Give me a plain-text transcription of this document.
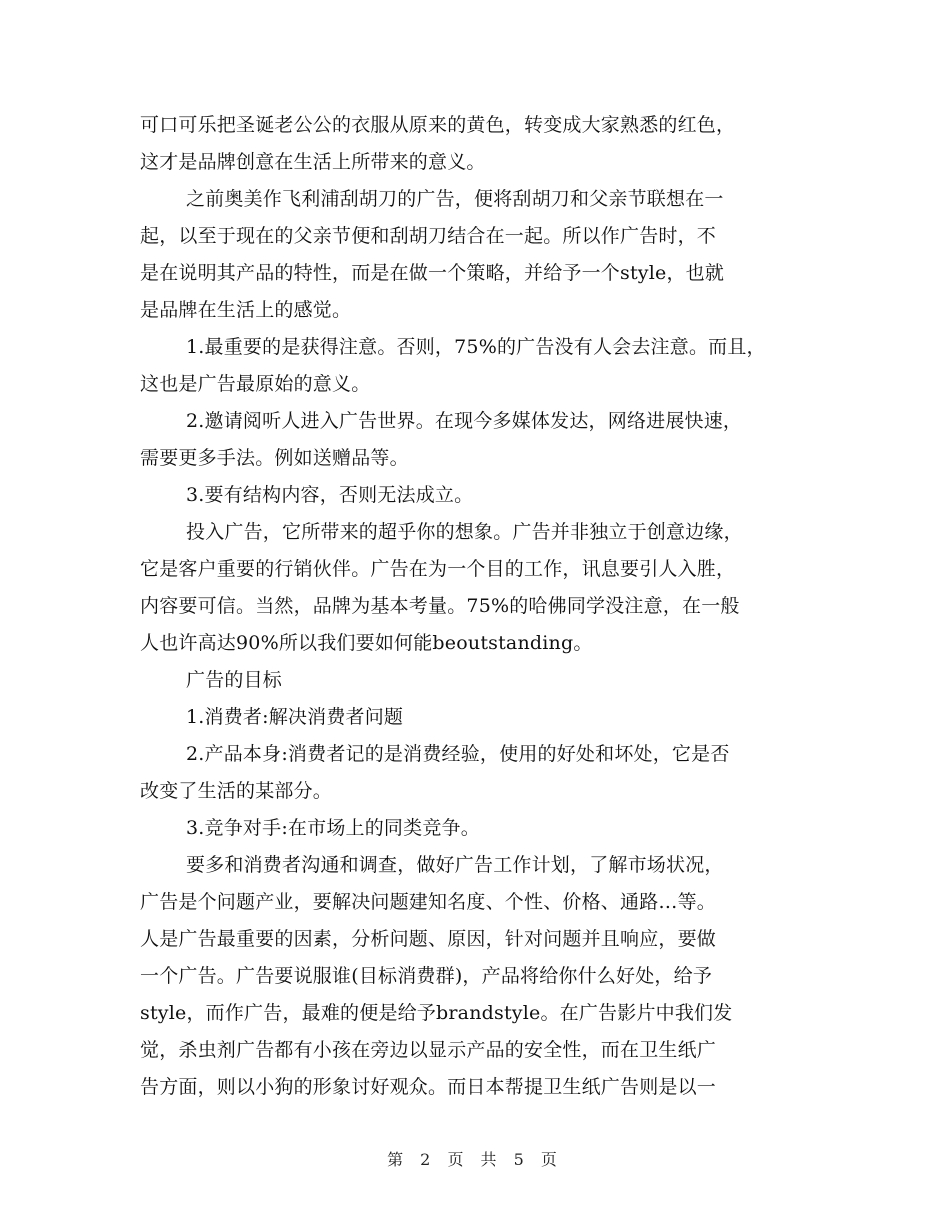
可口可乐把圣诞老公公的衣服从原来的黄色，转变成大家熟悉的红色，
这才是品牌创意在生活上所带来的意义。
之前奥美作飞利浦刮胡刀的广告，便将刮胡刀和父亲节联想在一
起，以至于现在的父亲节便和刮胡刀结合在一起。所以作广告时，不
是在说明其产品的特性，而是在做一个策略，并给予一个style，也就
是品牌在生活上的感觉。
1.最重要的是获得注意。否则，75%的广告没有人会去注意。而且，
这也是广告最原始的意义。
2.邀请阅听人进入广告世界。在现今多媒体发达，网络进展快速，
需要更多手法。例如送赠品等。
3.要有结构内容，否则无法成立。
投入广告，它所带来的超乎你的想象。广告并非独立于创意边缘，
它是客户重要的行销伙伴。广告在为一个目的工作，讯息要引人入胜，
内容要可信。当然，品牌为基本考量。75%的哈佛同学没注意，在一般
人也许高达90%所以我们要如何能beoutstanding。
广告的目标
1.消费者:解决消费者问题
2.产品本身:消费者记的是消费经验，使用的好处和坏处，它是否
改变了生活的某部分。
3.竞争对手:在市场上的同类竞争。
要多和消费者沟通和调查，做好广告工作计划，了解市场状况，
广告是个问题产业，要解决问题建知名度、个性、价格、通路…等。
人是广告最重要的因素，分析问题、原因，针对问题并且响应，要做
一个广告。广告要说服谁(目标消费群)，产品将给你什么好处，给予
style，而作广告，最难的便是给予brandstyle。在广告影片中我们发
觉，杀虫剂广告都有小孩在旁边以显示产品的安全性，而在卫生纸广
告方面，则以小狗的形象讨好观众。而日本帮提卫生纸广告则是以一
第 2 页 共 5 页
